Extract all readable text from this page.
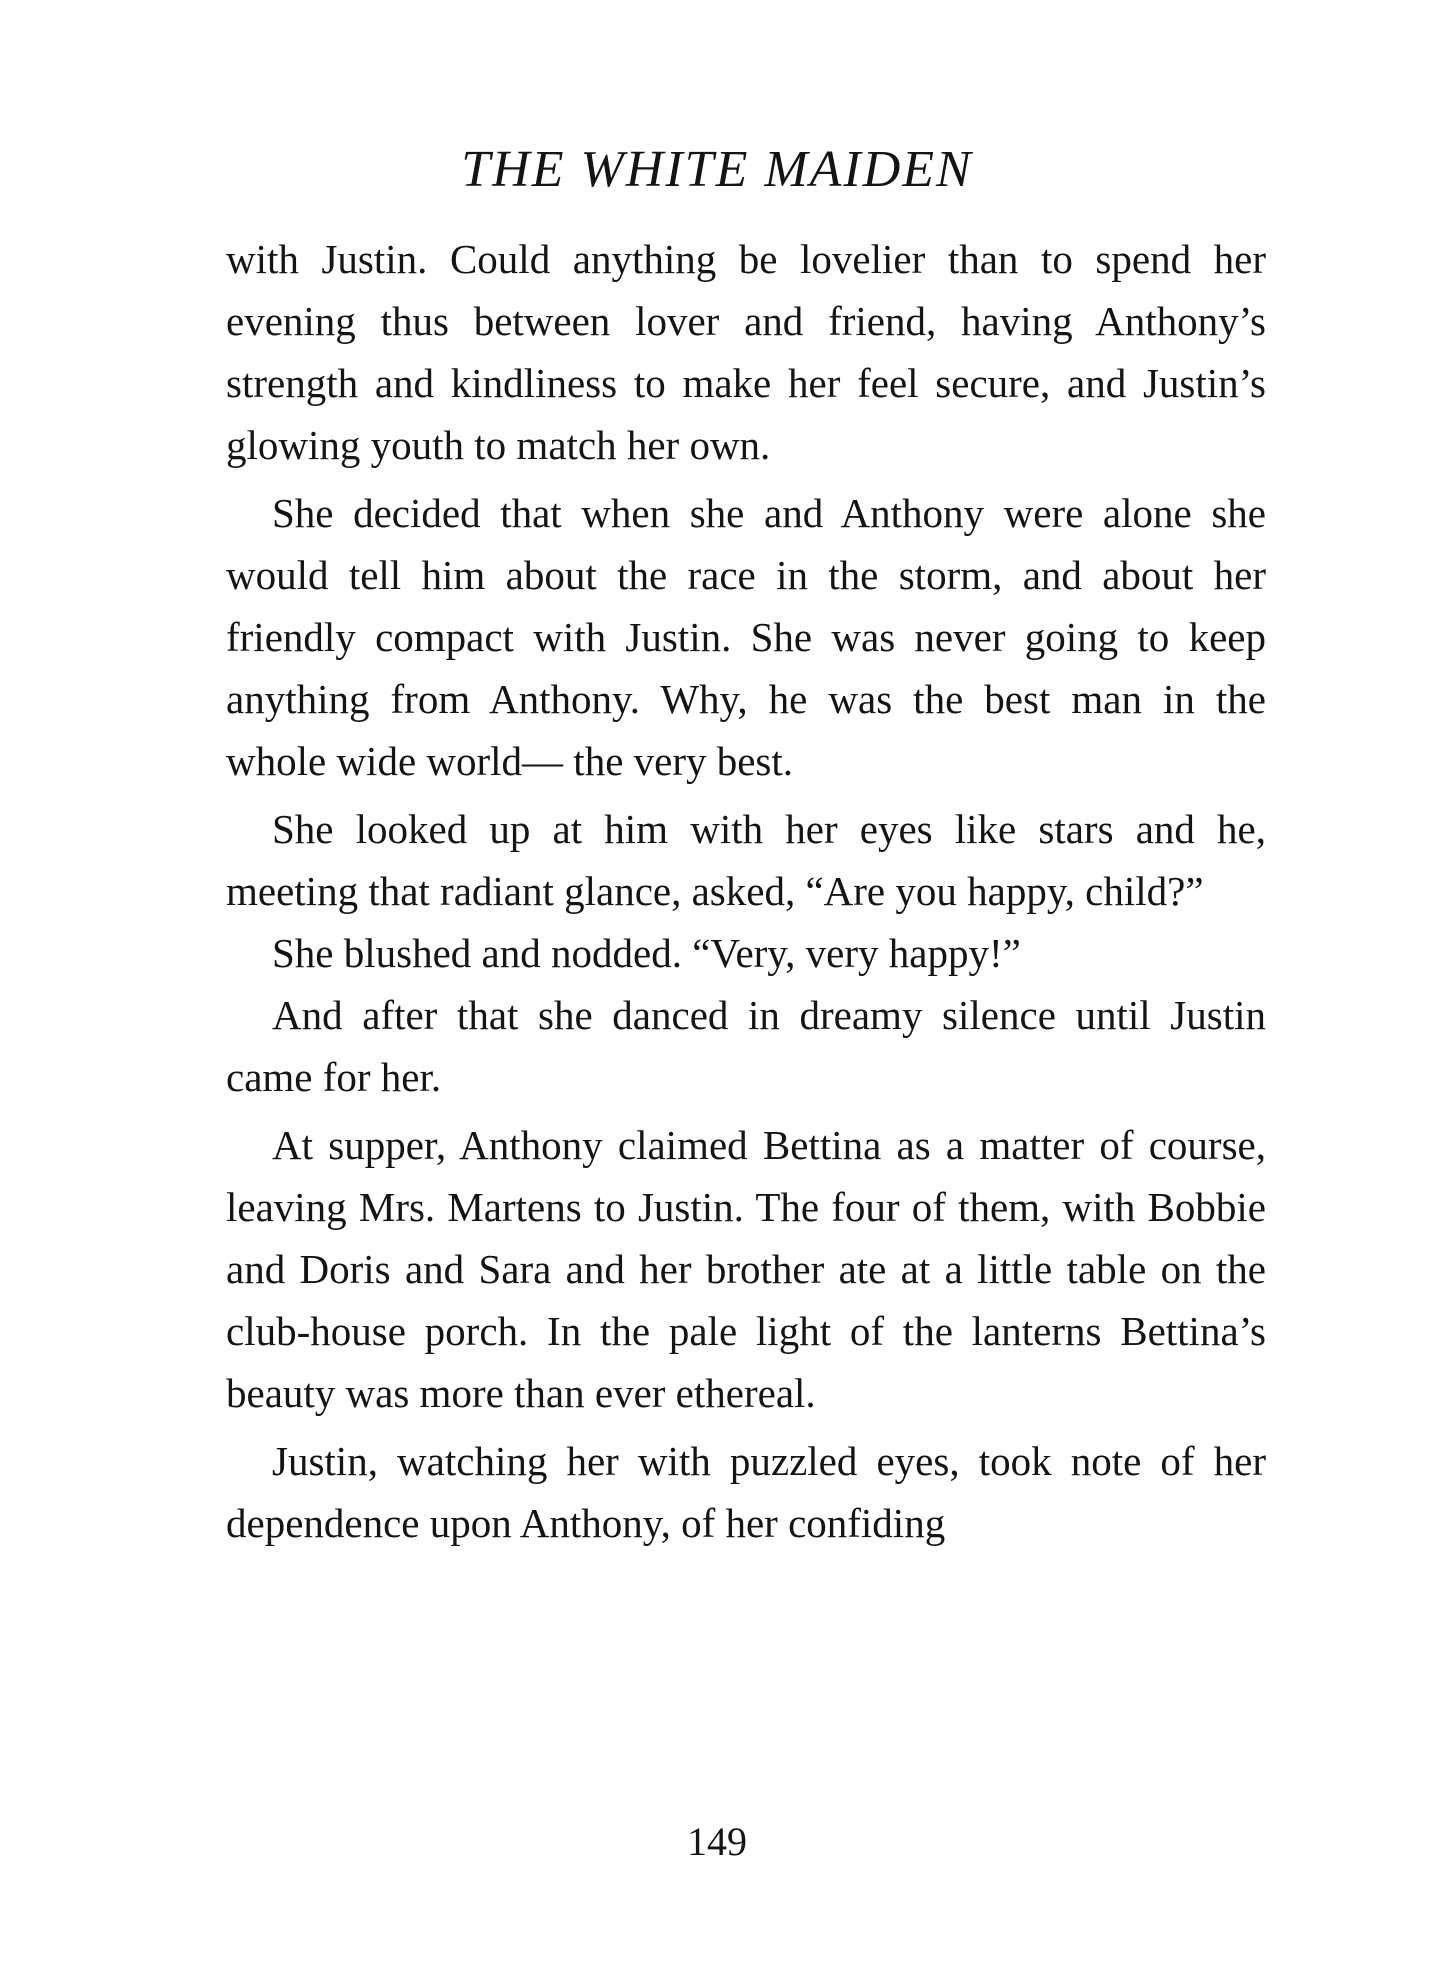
THE WHITE MAIDEN

with Justin. Could anything be lovelier than to spend her evening thus between lover and friend, having Anthony’s strength and kindliness to make her feel secure, and Justin’s glowing youth to match her own.

She decided that when she and Anthony were alone she would tell him about the race in the storm, and about her friendly compact with Justin. She was never going to keep anything from Anthony. Why, he was the best man in the whole wide world— the very best.

She looked up at him with her eyes like stars and he, meeting that radiant glance, asked, “Are you happy, child?”

She blushed and nodded. “Very, very happy!”

And after that she danced in dreamy silence until Justin came for her.

At supper, Anthony claimed Bettina as a matter of course, leaving Mrs. Martens to Justin. The four of them, with Bobbie and Doris and Sara and her brother ate at a little table on the club-house porch. In the pale light of the lanterns Bettina’s beauty was more than ever ethereal.

Justin, watching her with puzzled eyes, took note of her dependence upon Anthony, of her confiding

149
